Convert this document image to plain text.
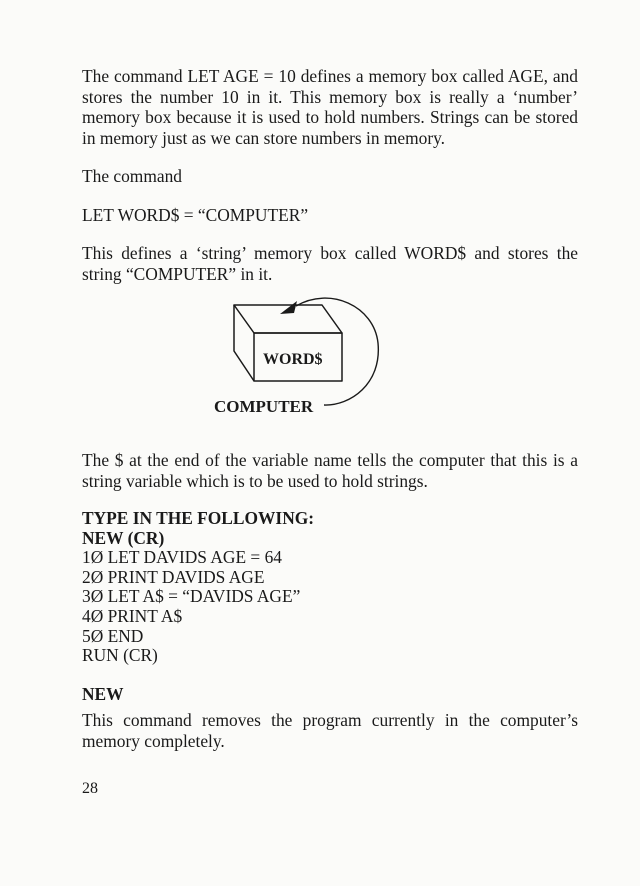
The command LET AGE = 10 defines a memory box called AGE, and stores the number 10 in it. This memory box is really a ‘number’ memory box because it is used to hold numbers. Strings can be stored in memory just as we can store numbers in memory.

The command

LET WORD$ = “COMPUTER”

This defines a ‘string’ memory box called WORD$ and stores the string “COMPUTER” in it.

WORD$
COMPUTER

The $ at the end of the variable name tells the computer that this is a string variable which is to be used to hold strings.

TYPE IN THE FOLLOWING:

NEW (CR)

1Ø LET DAVIDS AGE = 64

2Ø PRINT DAVIDS AGE

3Ø LET A$ = “DAVIDS AGE”

4Ø PRINT A$

5Ø END

RUN (CR)

NEW

This command removes the program currently in the computer’s memory completely.

28
